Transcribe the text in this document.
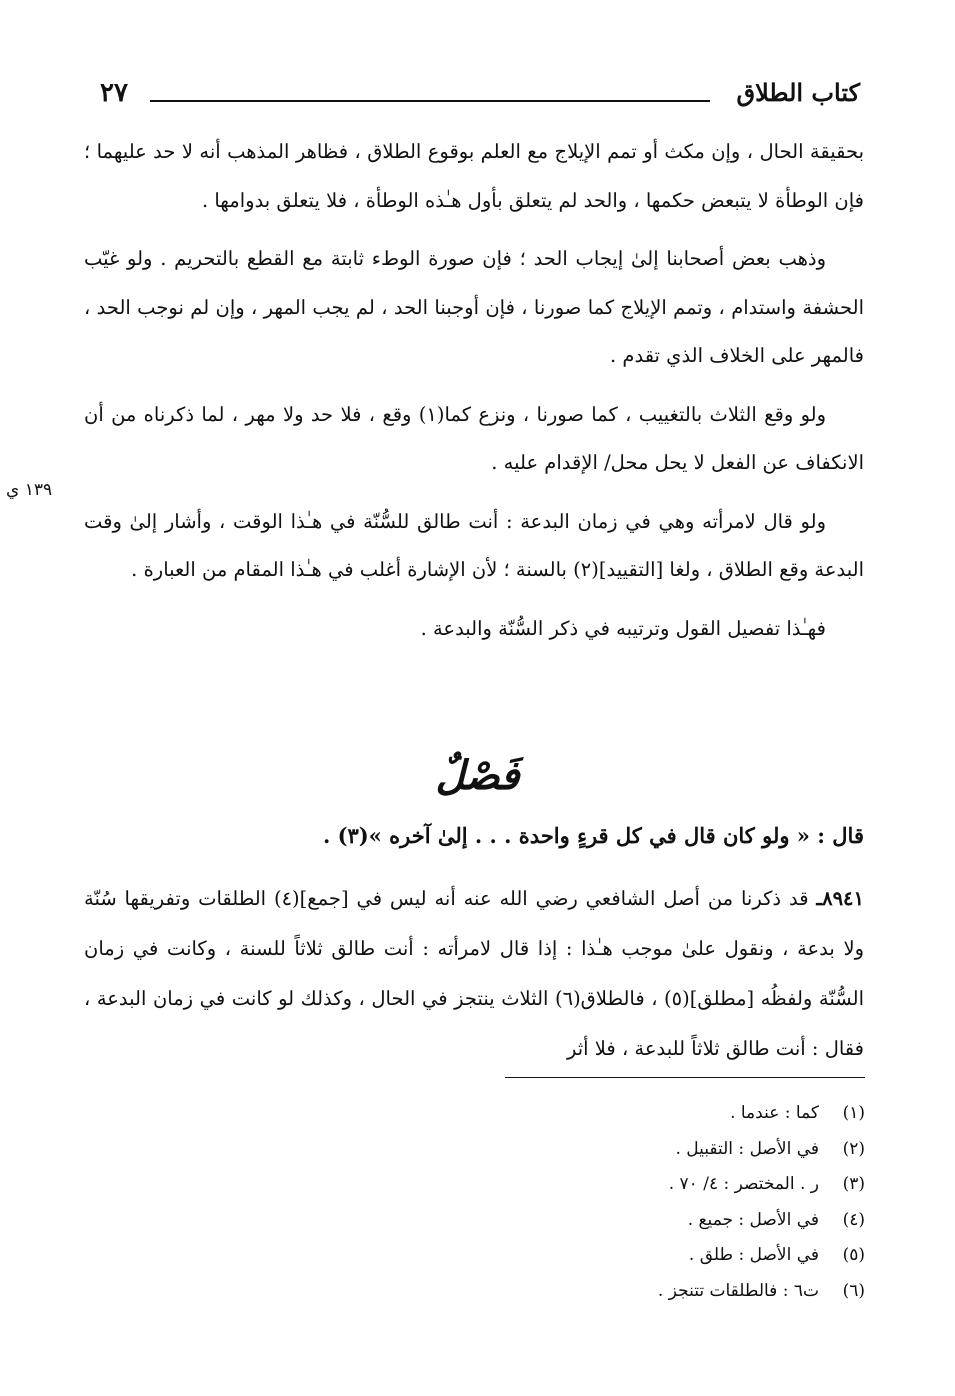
كتاب الطلاق
٢٧

بحقيقة الحال ، وإن مكث أو تمم الإيلاج مع العلم بوقوع الطلاق ، فظاهر المذهب أنه لا حد عليهما ؛ فإن الوطأة لا يتبعض حكمها ، والحد لم يتعلق بأول هـٰذه الوطأة ، فلا يتعلق بدوامها .

وذهب بعض أصحابنا إلىٰ إيجاب الحد ؛ فإن صورة الوطء ثابتة مع القطع بالتحريم . ولو غيّب الحشفة واستدام ، وتمم الإيلاج كما صورنا ، فإن أوجبنا الحد ، لم يجب المهر ، وإن لم نوجب الحد ، فالمهر على الخلاف الذي تقدم .

ولو وقع الثلاث بالتغييب ، كما صورنا ، ونزع كما(١) وقع ، فلا حد ولا مهر ، لما ذكرناه من أن الانكفاف عن الفعل لا يحل محل/ الإقدام عليه .

ولو قال لامرأته وهي في زمان البدعة : أنت طالق للسُّنّة في هـٰذا الوقت ، وأشار إلىٰ وقت البدعة وقع الطلاق ، ولغا [التقييد](٢) بالسنة ؛ لأن الإشارة أغلب في هـٰذا المقام من العبارة .

فهـٰذا تفصيل القول وترتيبه في ذكر السُّنّة والبدعة .

١٣٩ ي
فَصْلٌ
قال : « ولو كان قال في كل قرءٍ واحدة . . . إلىٰ آخره »(٣) .

٨٩٤١ـ قد ذكرنا من أصل الشافعي رضي الله عنه أنه ليس في [جمع](٤) الطلقات وتفريقها سُنّة ولا بدعة ، ونقول علىٰ موجب هـٰذا : إذا قال لامرأته : أنت طالق ثلاثاً للسنة ، وكانت في زمان السُّنّة ولفظُه [مطلق](٥) ، فالطلاق(٦) الثلاث ينتجز في الحال ، وكذلك لو كانت في زمان البدعة ، فقال : أنت طالق ثلاثاً للبدعة ، فلا أثر

(١)
كما : عندما .
(٢)
في الأصل : التقبيل .
(٣)
ر . المختصر : ٤/ ٧٠ .
(٤)
في الأصل : جميع .
(٥)
في الأصل : طلق .
(٦)
ت٦ : فالطلقات تتنجز .
